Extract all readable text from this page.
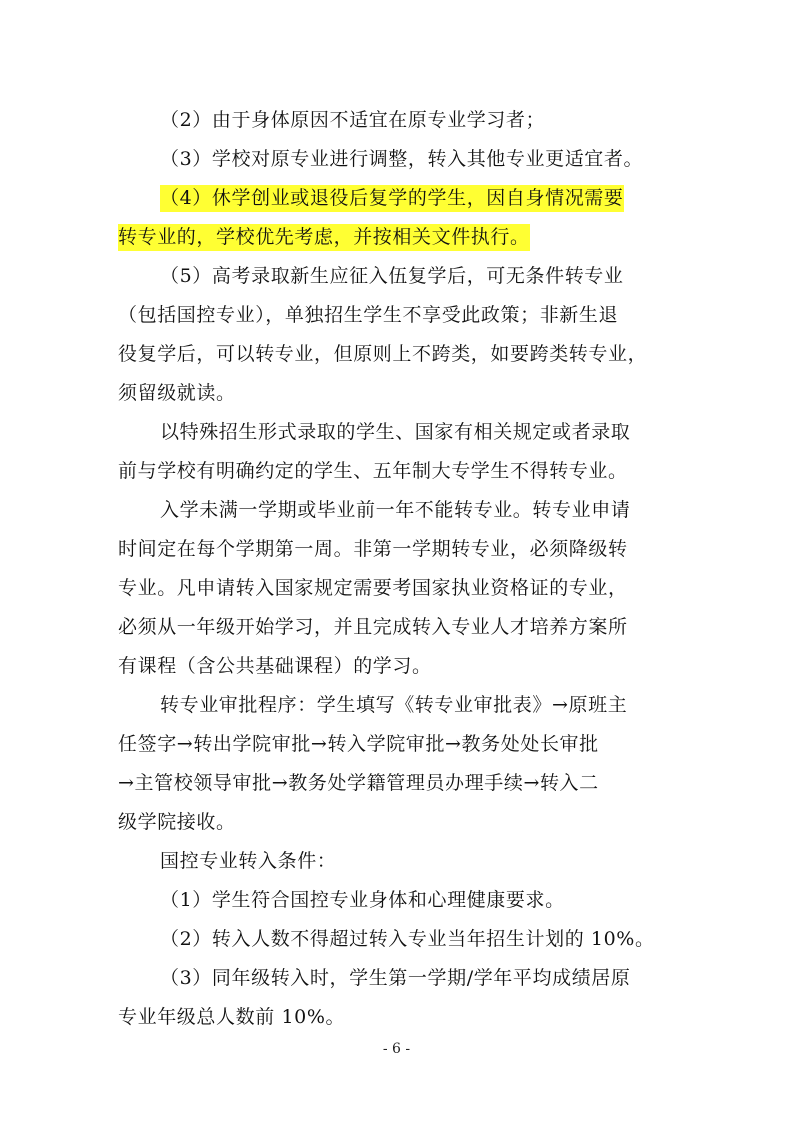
（2）由于身体原因不适宜在原专业学习者；
（3）学校对原专业进行调整，转入其他专业更适宜者。
（4）休学创业或退役后复学的学生，因自身情况需要
转专业的，学校优先考虑，并按相关文件执行。
（5）高考录取新生应征入伍复学后，可无条件转专业
（包括国控专业），单独招生学生不享受此政策；非新生退
役复学后，可以转专业，但原则上不跨类，如要跨类转专业，
须留级就读。
以特殊招生形式录取的学生、国家有相关规定或者录取
前与学校有明确约定的学生、五年制大专学生不得转专业。
入学未满一学期或毕业前一年不能转专业。转专业申请
时间定在每个学期第一周。非第一学期转专业，必须降级转
专业。凡申请转入国家规定需要考国家执业资格证的专业，
必须从一年级开始学习，并且完成转入专业人才培养方案所
有课程（含公共基础课程）的学习。
转专业审批程序：学生填写《转专业审批表》→原班主
任签字→转出学院审批→转入学院审批→教务处处长审批
→主管校领导审批→教务处学籍管理员办理手续→转入二
级学院接收。
国控专业转入条件：
（1）学生符合国控专业身体和心理健康要求。
（2）转入人数不得超过转入专业当年招生计划的 10%。
（3）同年级转入时，学生第一学期/学年平均成绩居原
专业年级总人数前 10%。
- 6 -
